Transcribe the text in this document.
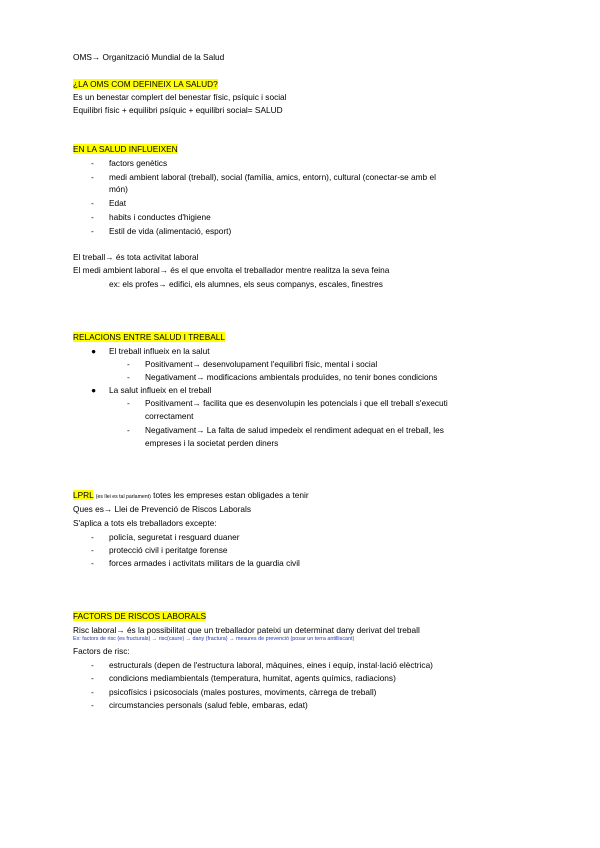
OMS→ Organització Mundial de la Salud
¿LA OMS COM DEFINEIX LA SALUD?
Es un benestar complert del benestar físic, psíquic i social
Equilibri físic + equilibri psíquic + equilibri social= SALUD
EN LA SALUD INFLUEIXEN
- factors genètics
- medi ambient laboral (treball), social (família, amics, entorn), cultural (conectar-se amb el
món)
- Edat
- habits i conductes d'higiene
- Estil de vida (alimentació, esport)
El treball→ és tota activitat laboral
El medi ambient laboral→ és el que envolta el treballador mentre realitza la seva feina
ex: els profes→ edifici, els alumnes, els seus companys, escales, finestres
RELACIONS ENTRE SALUD I TREBALL
● El treball influeix en la salut
- Positivament→ desenvolupament l'equilibri físic, mental i social
- Negativament→ modificacions ambientals produïdes, no tenir bones condicions
● La salut influeix en el treball
- Positivament→ facilita que es desenvolupin les potencials i que ell treball s'executi
correctament
- Negativament→ La falta de salud impedeix el rendiment adequat en el treball, les
empreses i la societat perden diners
LPRL (es llei es tal parlament) totes les empreses estan obligades a tenir
Ques es→ Llei de Prevenció de Riscos Laborals
S'aplica a tots els treballadors excepte:
- policía, seguretat i resguard duaner
- protecció civil i peritatge forense
- forces armades i activitats militars de la guardia civil
FACTORS DE RISCOS LABORALS
Risc laboral→ és la possibilitat que un treballador pateixi un determinat dany derivat del treball
Ex: factors de risc (es fructurals) → risc(caure) → dany (fractura) → mesures de prevenció (posar un terra antilliscant)
Factors de risc:
- estructurals (depen de l'estructura laboral, màquines, eines i equip, instal·lació elèctrica)
- condicions mediambientals (temperatura, humitat, agents químics, radiacions)
- psicofísics i psicosocials (males postures, moviments, càrrega de treball)
- circumstancies personals (salud feble, embaras, edat)
